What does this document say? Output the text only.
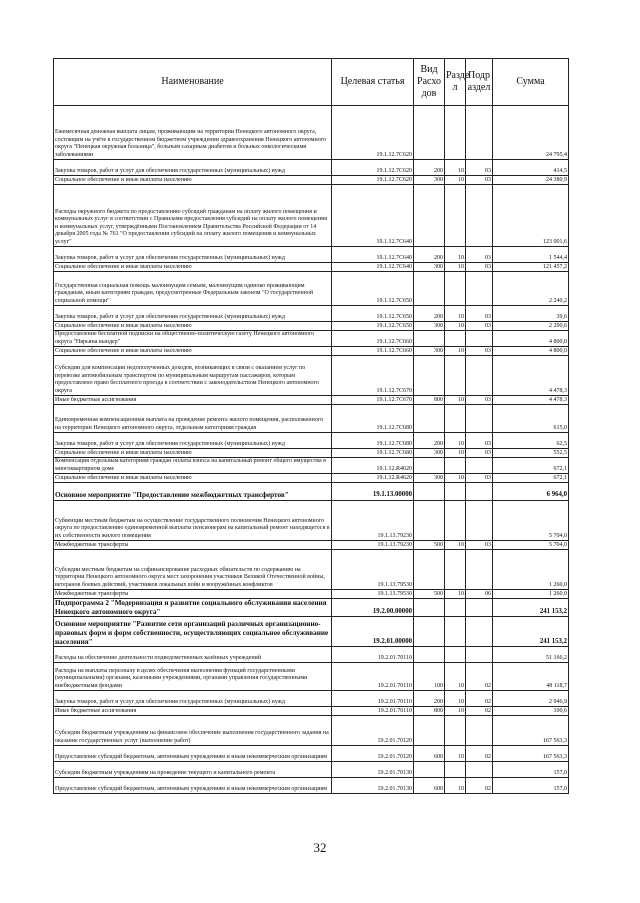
Наименование	Целевая статья	Вид Расхо дов	Разде л	Подр аздел	Сумма
Ежемесячная денежная выплата лицам, проживающим на территории Ненецкого автономного округа, состоящим на учёте в государственном бюджетном учреждении здравоохранения Ненецкого автономного округа "Ненецкая окружная больница", больным сахарным диабетом и больных онкологическими заболеваниями	19.1.12.7С620				24 795,4
Закупка товаров, работ и услуг для обеспечения государственных (муниципальных) нужд	19.1.12.7С620	200	10	03	414,5
Социальное обеспечение и иные выплаты населению	19.1.12.7С620	300	10	03	24 380,9
Расходы окружного бюджета по предоставлению субсидий гражданам на оплату жилого помещения и коммунальных услуг в соответствии с Правилами предоставления субсидий на оплату жилого помещения и коммунальных услуг, утверждёнными Постановлением Правительства Российской Федерации от 14 декабря 2005 года № 761 "О предоставлении субсидий на оплату жилого помещения и коммунальных услуг"	19.1.12.7С640				123 001,6
Закупка товаров, работ и услуг для обеспечения государственных (муниципальных) нужд	19.1.12.7С640	200	10	03	1 544,4
Социальное обеспечение и иные выплаты населению	19.1.12.7С640	300	10	03	121 457,2
Государственная социальная помощь малоимущим семьям, малоимущим одиноко проживающим гражданам, иным категориям граждан, предусмотренные Федеральным законом "О государственной социальной помощи"	19.1.12.7С650				2 240,2
Закупка товаров, работ и услуг для обеспечения государственных (муниципальных) нужд	19.1.12.7С650	200	10	03	39,6
Социальное обеспечение и иные выплаты населению	19.1.12.7С650	300	10	03	2 200,6
Предоставление бесплатной подписки на общественно-политическую газету Ненецкого автономного округа "Нярьяна вындер"	19.1.12.7С660				4 800,0
Социальное обеспечение и иные выплаты населению	19.1.12.7С660	300	10	03	4 800,0
Субсидии для компенсации недополученных доходов, возникающих в связи с оказанием услуг по перевозке автомобильным транспортом по муниципальным маршрутам пассажиров, которым предоставлено право бесплатного проезда в соответствии с законодательством Ненецкого автономного округа	19.1.12.7С670				4 478,3
Иные бюджетные ассигнования	19.1.12.7С670	800	10	03	4 478,3
Единовременная компенсационная выплата на проведение ремонта жилого помещения, расположенного на территории Ненецкого автономного округа, отдельным категориям граждан	19.1.12.7С680				615,0
Закупка товаров, работ и услуг для обеспечения государственных (муниципальных) нужд	19.1.12.7С680	200	10	03	62,5
Социальное обеспечение и иные выплаты населению	19.1.12.7С680	300	10	03	552,5
Компенсация отдельным категориям граждан оплаты взноса на капитальный ремонт общего имущества в многоквартирном доме	19.1.12.R4620				672,1
Социальное обеспечение и иные выплаты населению	19.1.12.R4620	300	10	03	672,1
Основное мероприятие "Предоставление межбюджетных трансфертов"	19.1.13.00000				6 964,0
Субвенции местным бюджетам на осуществление государственного полномочия Ненецкого автономного округа по предоставлению единовременной выплаты пенсионерам на капитальный ремонт находящегося в их собственности жилого помещения	19.1.13.79230				5 704,0
Межбюджетные трансферты	19.1.13.79230	500	10	03	5 704,0
Субсидии местным бюджетам на софинансирование расходных обязательств по содержанию на территории Ненецкого автономного округа мест захоронения участников Великой Отечественной войны, ветеранов боевых действий, участников локальных войн и вооружённых конфликтов	19.1.13.79530				1 260,0
Межбюджетные трансферты	19.1.13.79530	500	10	06	1 260,0
Подпрограмма 2 "Модернизация и развитие социального обслуживания населения Ненецкого автономного округа"	19.2.00.00000				241 153,2
Основное мероприятие "Развитие сети организаций различных организационно-правовых форм и форм собственности, осуществляющих социальное обслуживание населения"	19.2.01.00000				241 153,2
Расходы на обеспечение деятельности подведомственных казённых учреждений	19.2.01.70110				51 166,2
Расходы на выплаты персоналу в целях обеспечения выполнения функций государственными (муниципальными) органами, казенными учреждениями, органами управления государственными внебюджетными фондами	19.2.01.70110	100	10	02	48 118,7
Закупка товаров, работ и услуг для обеспечения государственных (муниципальных) нужд	19.2.01.70110	200	10	02	2 946,9
Иные бюджетные ассигнования	19.2.01.70110	800	10	02	100,6
Субсидии бюджетным учреждениям на финансовое обеспечение выполнения государственного задания на оказание государственных услуг (выполнение работ)	19.2.01.70120				167 563,3
Предоставление субсидий бюджетным, автономным учреждениям и иным некоммерческим организациям	19.2.01.70120	600	10	02	167 563,3
Субсидии бюджетным учреждениям на проведение текущего и капитального ремонта	19.2.01.70130				157,0
Предоставление субсидий бюджетным, автономным учреждениям и иным некоммерческим организациям	19.2.01.70130	600	10	02	157,0
32
